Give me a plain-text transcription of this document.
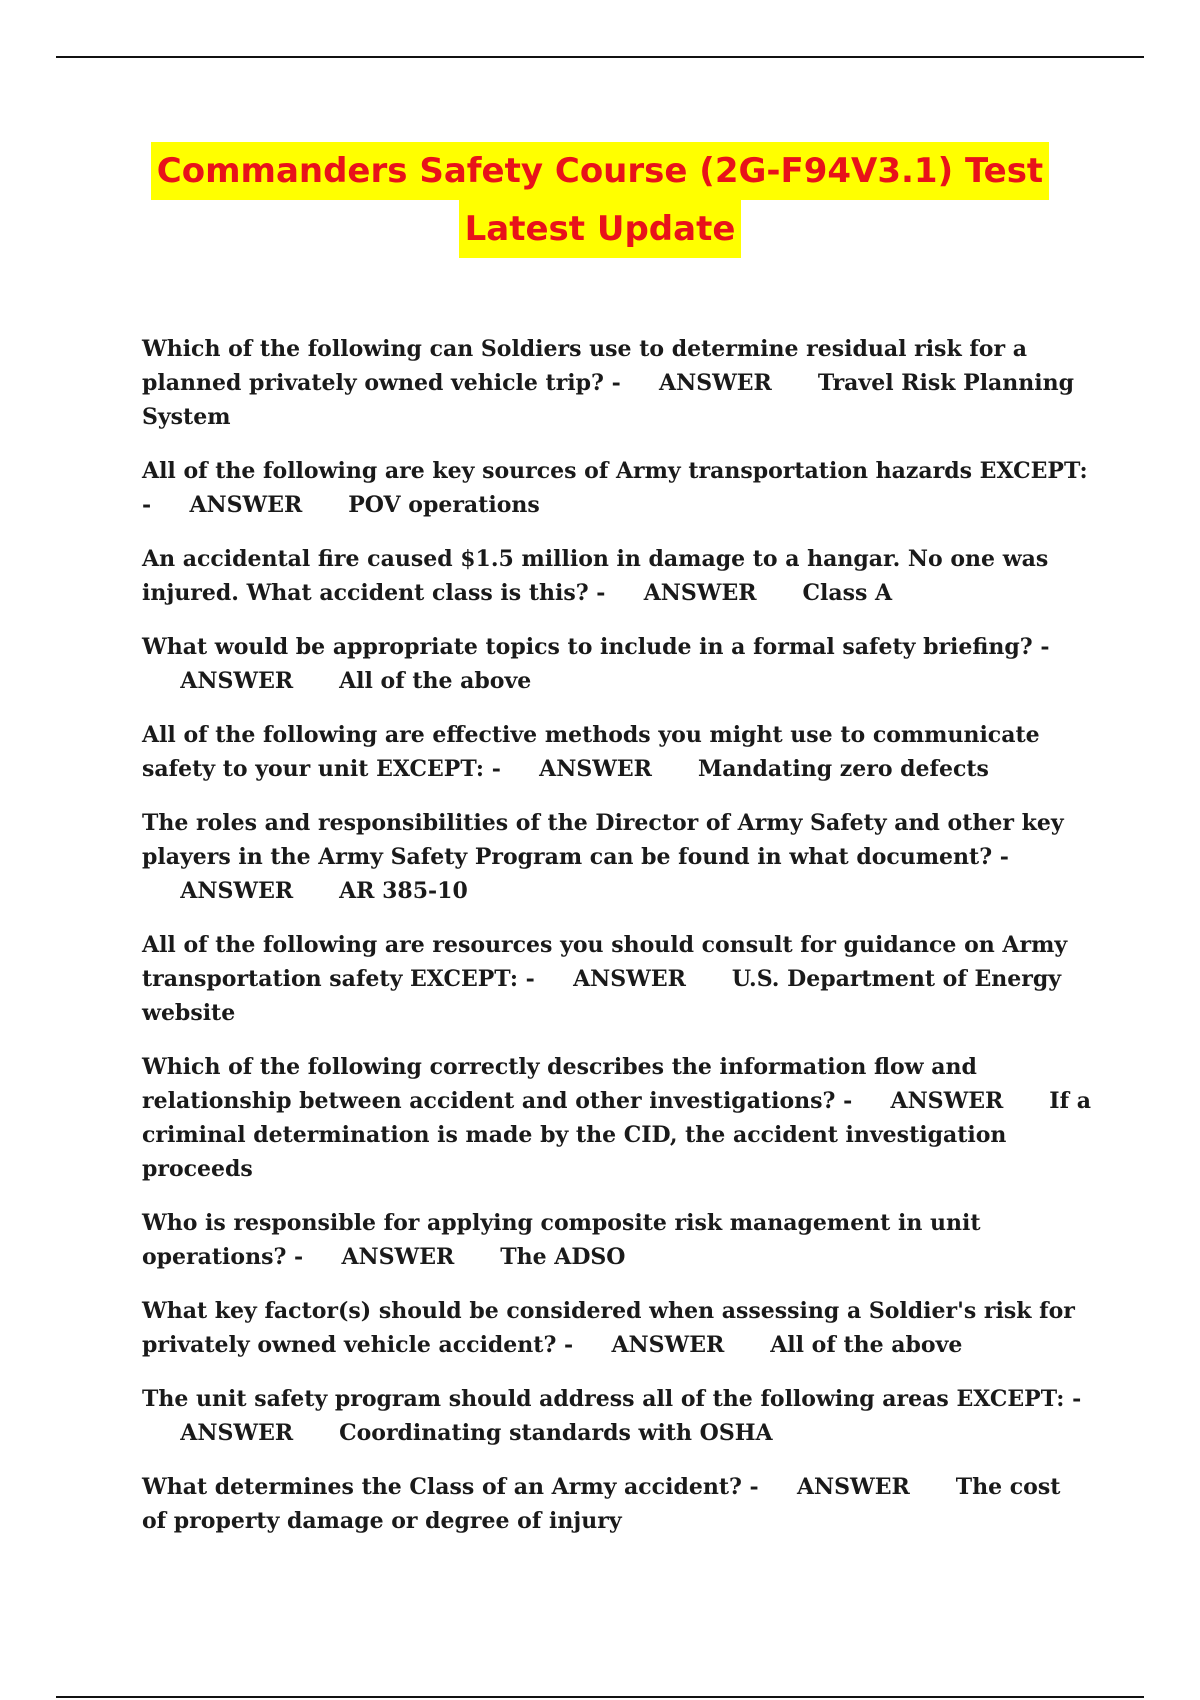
Commanders Safety Course (2G-F94V3.1) Test
Latest Update

Which of the following can Soldiers use to determine residual risk for a planned privately owned vehicle trip? - ANSWER Travel Risk Planning System

All of the following are key sources of Army transportation hazards EXCEPT: - ANSWER POV operations

An accidental fire caused $1.5 million in damage to a hangar. No one was injured. What accident class is this? - ANSWER Class A

What would be appropriate topics to include in a formal safety briefing? -     ANSWER All of the above

All of the following are effective methods you might use to communicate safety to your unit EXCEPT: - ANSWER Mandating zero defects

The roles and responsibilities of the Director of Army Safety and other key players in the Army Safety Program can be found in what document? -     ANSWER AR 385-10

All of the following are resources you should consult for guidance on Army transportation safety EXCEPT: - ANSWER U.S. Department of Energy website

Which of the following correctly describes the information flow and relationship between accident and other investigations? - ANSWER If a criminal determination is made by the CID, the accident investigation proceeds

Who is responsible for applying composite risk management in unit operations? - ANSWER The ADSO

What key factor(s) should be considered when assessing a Soldier's risk for privately owned vehicle accident? - ANSWER All of the above

The unit safety program should address all of the following areas EXCEPT: -     ANSWER Coordinating standards with OSHA

What determines the Class of an Army accident? - ANSWER The cost of property damage or degree of injury
